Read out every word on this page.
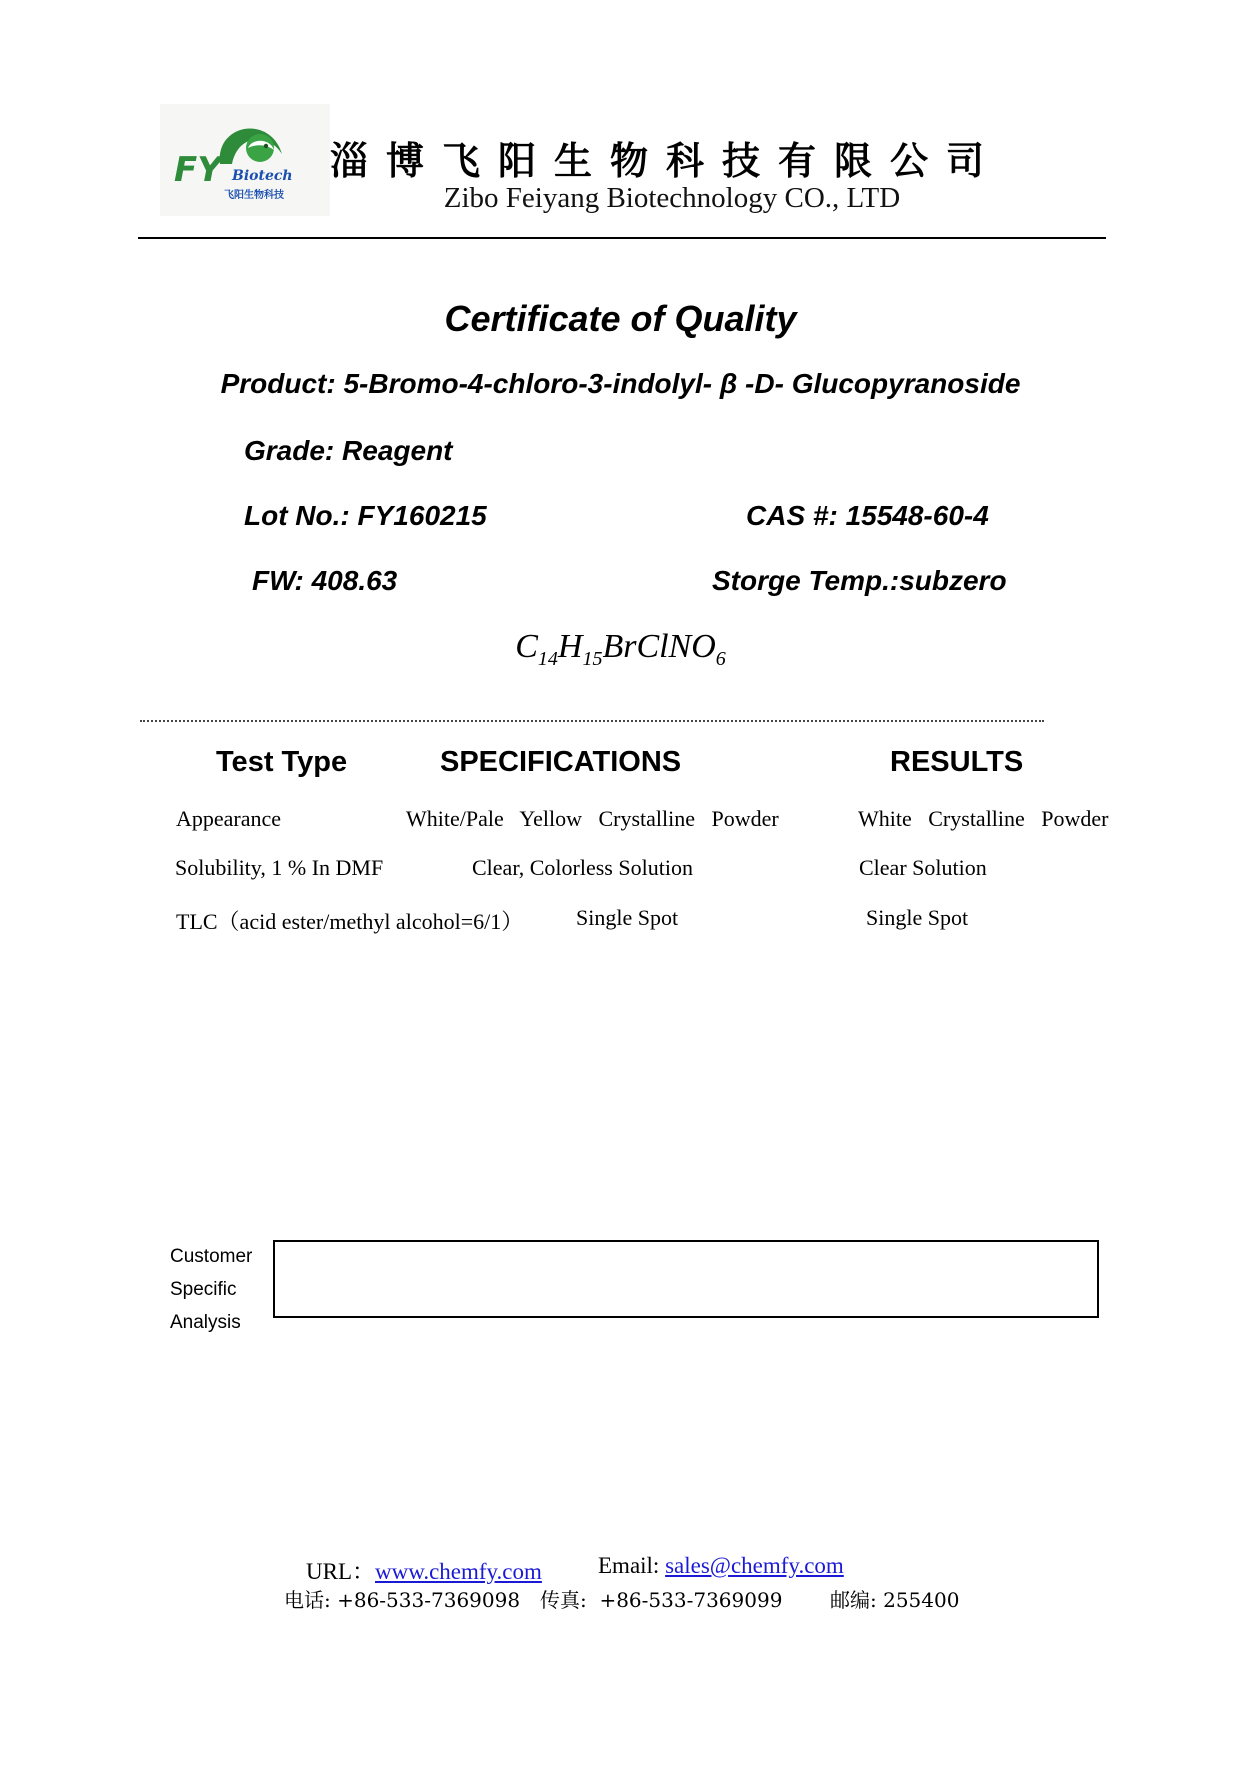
FY Biotech
飞阳生物科技
淄博飞阳生物科技有限公司
Zibo Feiyang Biotechnology CO., LTD
Certificate of Quality
Product: 5-Bromo-4-chloro-3-indolyl- β -D- Glucopyranoside
Grade: Reagent
Lot No.: FY160215	CAS #: 15548-60-4
FW: 408.63	Storge Temp.:subzero
$C_{14}H_{15}BrClNO_6$
Test Type	SPECIFICATIONS	RESULTS
Appearance	White/Pale   Yellow   Crystalline   Powder	White   Crystalline   Powder
Solubility, 1 % In DMF	Clear, Colorless Solution	Clear Solution
TLC（acid ester/methyl alcohol=6/1） Single Spot	Single Spot
Customer
Specific
Analysis
URL：www.chemfy.com Email: sales@chemfy.com
电话: +86-533-7369098 传真:  +86-533-7369099 邮编: 255400
